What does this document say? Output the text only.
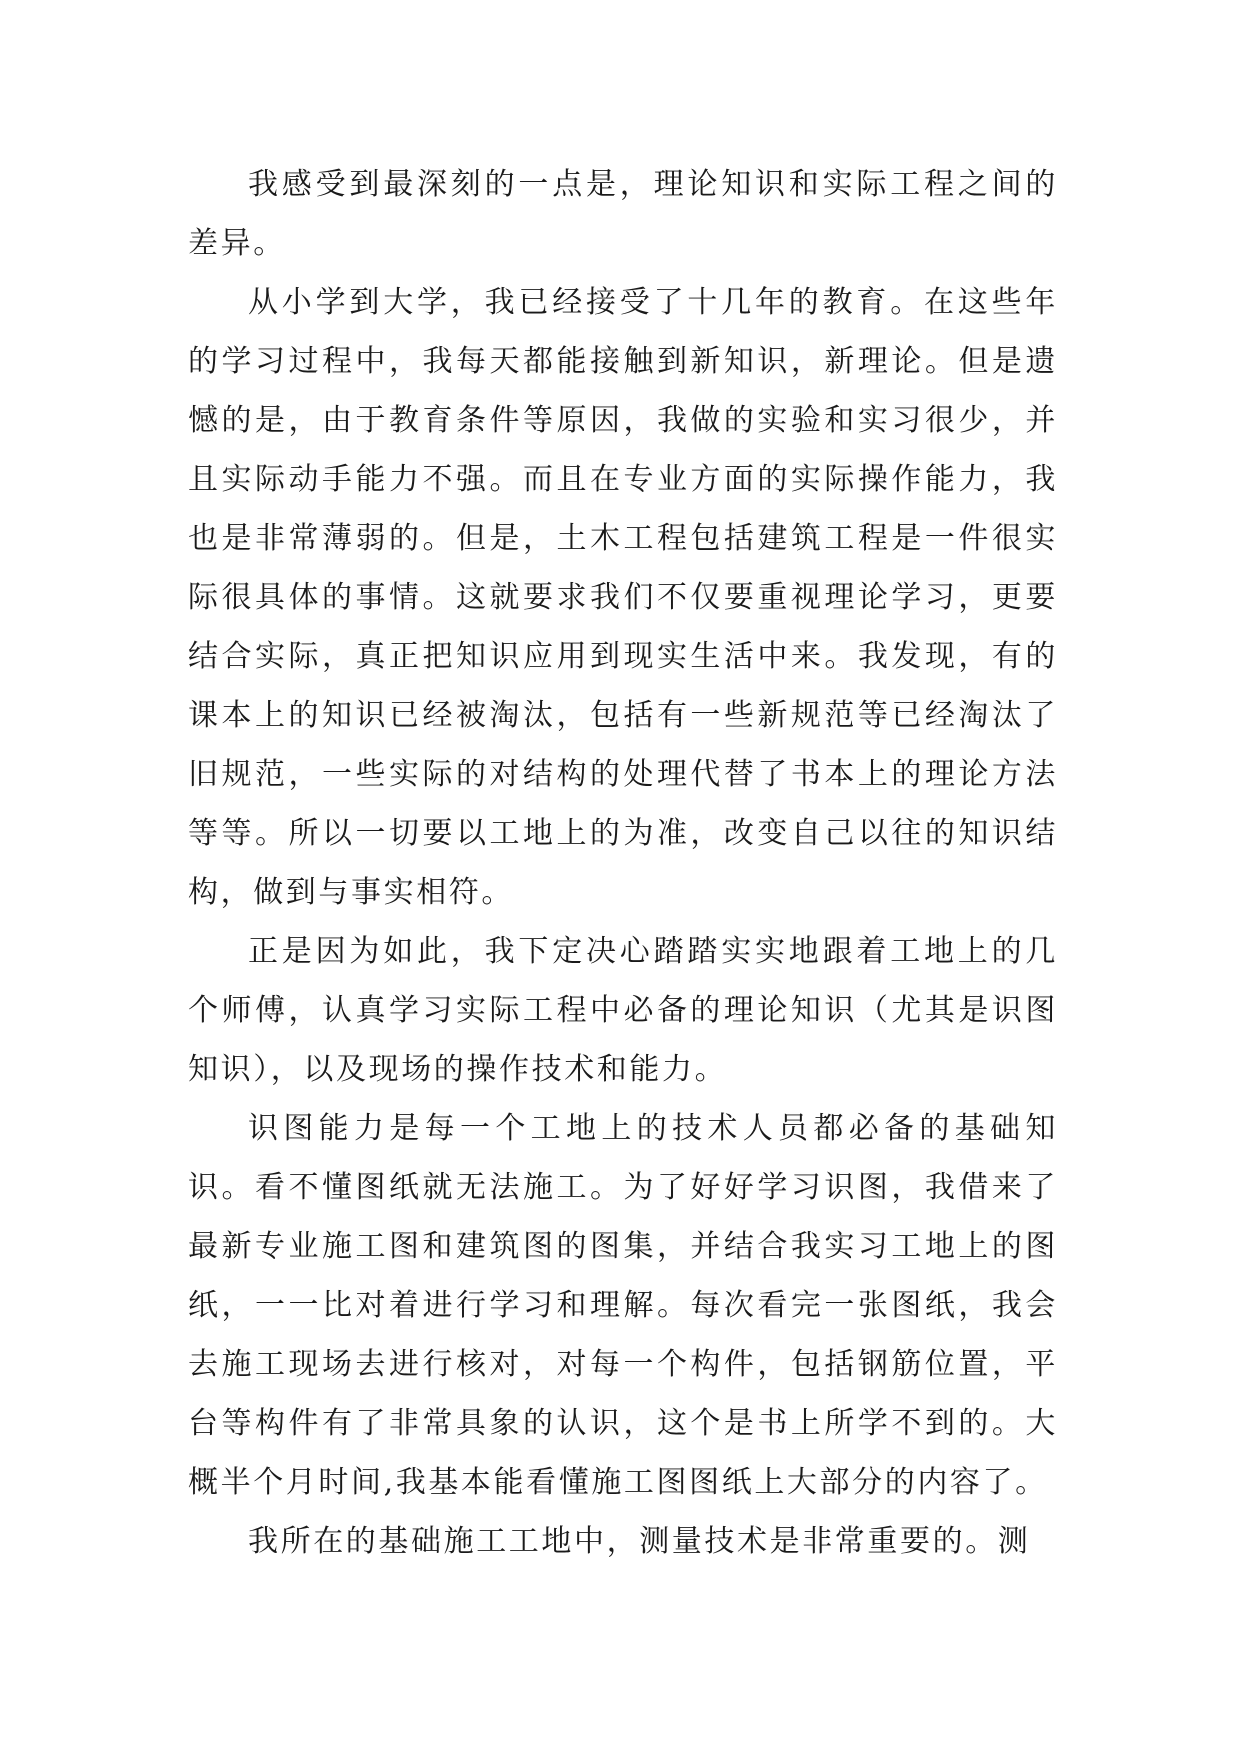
我感受到最深刻的一点是，理论知识和实际工程之间的差异。

从小学到大学，我已经接受了十几年的教育。在这些年的学习过程中，我每天都能接触到新知识，新理论。但是遗憾的是，由于教育条件等原因，我做的实验和实习很少，并且实际动手能力不强。而且在专业方面的实际操作能力，我也是非常薄弱的。但是，土木工程包括建筑工程是一件很实际很具体的事情。这就要求我们不仅要重视理论学习，更要结合实际，真正把知识应用到现实生活中来。我发现，有的课本上的知识已经被淘汰，包括有一些新规范等已经淘汰了旧规范，一些实际的对结构的处理代替了书本上的理论方法等等。所以一切要以工地上的为准，改变自己以往的知识结构，做到与事实相符。

正是因为如此，我下定决心踏踏实实地跟着工地上的几个师傅，认真学习实际工程中必备的理论知识（尤其是识图知识），以及现场的操作技术和能力。

识图能力是每一个工地上的技术人员都必备的基础知识。看不懂图纸就无法施工。为了好好学习识图，我借来了最新专业施工图和建筑图的图集，并结合我实习工地上的图纸，一一比对着进行学习和理解。每次看完一张图纸，我会去施工现场去进行核对，对每一个构件，包括钢筋位置，平台等构件有了非常具象的认识，这个是书上所学不到的。大概半个月时间,我基本能看懂施工图图纸上大部分的内容了。

我所在的基础施工工地中，测量技术是非常重要的。测
